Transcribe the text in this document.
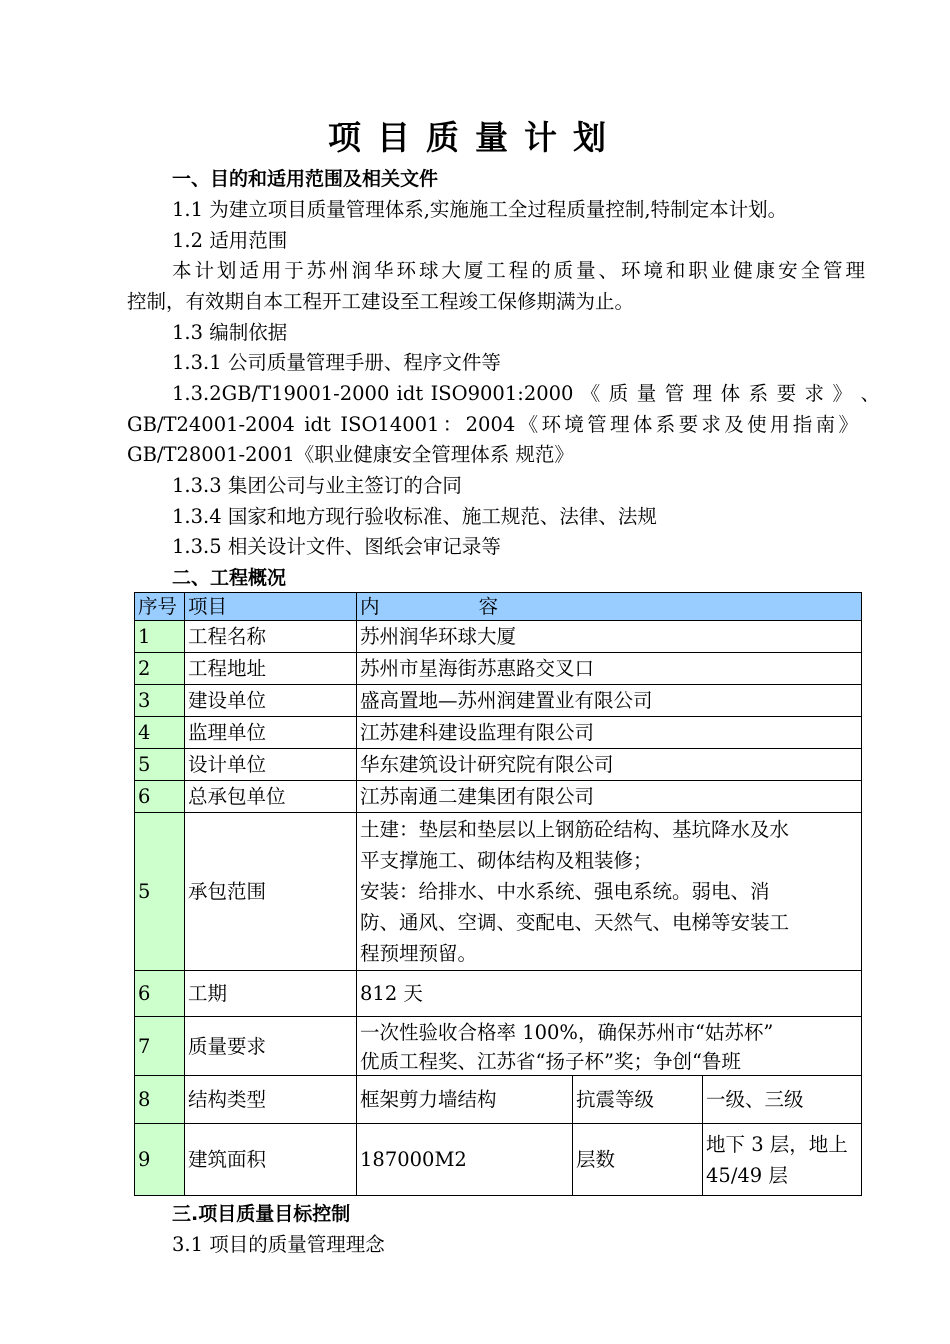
项目质量计划
一、目的和适用范围及相关文件
1.1 为建立项目质量管理体系,实施施工全过程质量控制,特制定本计划。
1.2 适用范围
本计划适用于苏州润华环球大厦工程的质量、环境和职业健康安全管理
控制，有效期自本工程开工建设至工程竣工保修期满为止。
1.3 编制依据
1.3.1 公司质量管理手册、程序文件等
1.3.2GB/T19001-2000 idt ISO9001:2000 《 质 量 管 理 体 系 要 求 》 、
GB/T24001-2004 idt ISO14001：2004《环境管理体系要求及使用指南》
GB/T28001-2001《职业健康安全管理体系 规范》
1.3.3 集团公司与业主签订的合同
1.3.4 国家和地方现行验收标准、施工规范、法律、法规
1.3.5 相关设计文件、图纸会审记录等
二、工程概况
序号	项目	内                容		
1	工程名称	苏州润华环球大厦		
2	工程地址	苏州市星海街苏惠路交叉口		
3	建设单位	盛高置地—苏州润建置业有限公司		
4	监理单位	江苏建科建设监理有限公司		
5	设计单位	华东建筑设计研究院有限公司		
6	总承包单位	江苏南通二建集团有限公司		
5	承包范围	土建：垫层和垫层以上钢筋砼结构、基坑降水及水
平支撑施工、砌体结构及粗装修；
安装：给排水、中水系统、强电系统。弱电、消
防、通风、空调、变配电、天然气、电梯等安装工
程预埋预留。		

6	工期	812 天		
7	质量要求	一次性验收合格率 100%，确保苏州市“姑苏杯”
优质工程奖、江苏省“扬子杯”奖；争创“鲁班		

8	结构类型	框架剪力墙结构	抗震等级	一级、三级
9	建筑面积	187000M2	层数	地下 3 层，地上
45/49 层
三.项目质量目标控制
3.1 项目的质量管理理念
